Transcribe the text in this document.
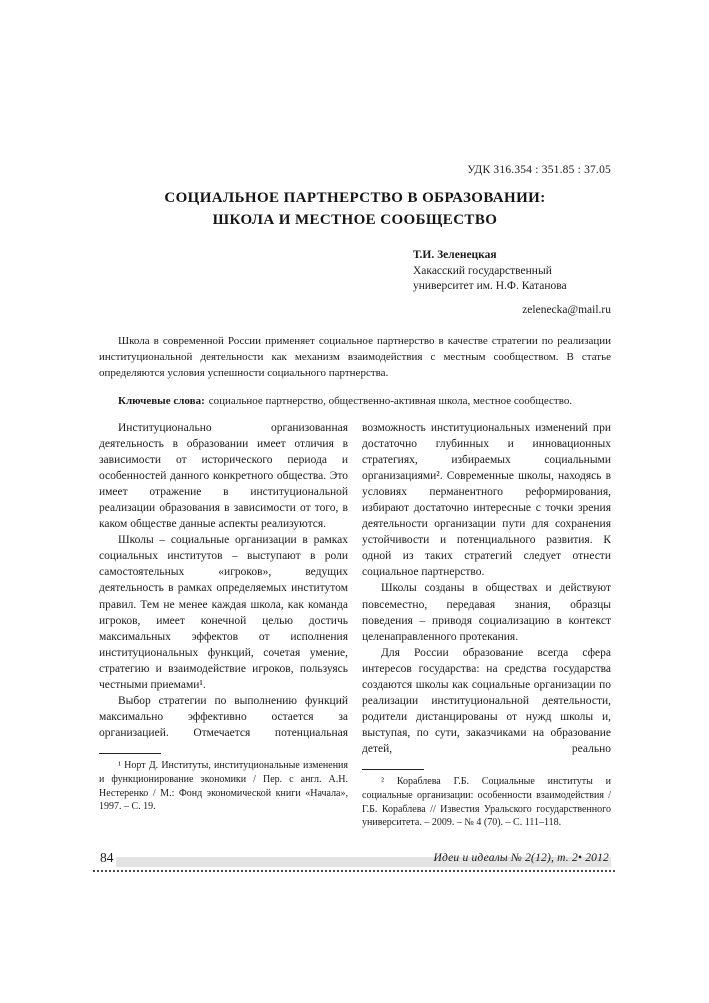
УДК 316.354 : 351.85 : 37.05
СОЦИАЛЬНОЕ ПАРТНЕРСТВО В ОБРАЗОВАНИИ:
ШКОЛА И МЕСТНОЕ СООБЩЕСТВО
Т.И. Зеленецкая
Хакасский государственный
университет им. Н.Ф. Катанова
zelenecka@mail.ru

Школа в современной России применяет социальное партнерство в качестве стратегии по реализации институциональной деятельности как механизм взаимодействия с местным сообществом. В статье определяются условия успешности социального партнерства.

Ключевые слова: социальное партнерство, общественно-активная школа, местное сообщество.

Институционально организованная деятельность в образовании имеет отличия в зависимости от исторического периода и особенностей данного конкретного общества. Это имеет отражение в институциональной реализации образования в зависимости от того, в каком обществе данные аспекты реализуются.

Школы – социальные организации в рамках социальных институтов – выступают в роли самостоятельных «игроков», ведущих деятельность в рамках определяемых институтом правил. Тем не менее каждая школа, как команда игроков, имеет конечной целью достичь максимальных эффектов от исполнения институциональных функций, сочетая умение, стратегию и взаимодействие игроков, пользуясь честными приемами¹.

Выбор стратегии по выполнению функций максимально эффективно остается за организацией. Отмечается потенциальная

¹ Норт Д. Институты, институциональные изменения и функционирование экономики / Пер. с англ. А.Н. Нестеренко / М.: Фонд экономической книги «Начала», 1997. – С. 19.

возможность институциональных изменений при достаточно глубинных и инновационных стратегиях, избираемых социальными организациями². Современные школы, находясь в условиях перманентного реформирования, избирают достаточно интересные с точки зрения деятельности организации пути для сохранения устойчивости и потенциального развития. К одной из таких стратегий следует отнести социальное партнерство.

Школы созданы в обществах и действуют повсеместно, передавая знания, образцы поведения – приводя социализацию в контекст целенаправленного протекания.

Для России образование всегда сфера интересов государства: на средства государства создаются школы как социальные организации по реализации институциональной деятельности, родители дистанцированы от нужд школы и, выступая, по сути, заказчиками на образование детей, реально

² Кораблева Г.Б. Социальные институты и социальные организации: особенности взаимодействия / Г.Б. Кораблева // Известия Уральского государственного университета. – 2009. – № 4 (70). – С. 111–118.

84	Идеи и идеалы № 2(12), т. 2• 2012
